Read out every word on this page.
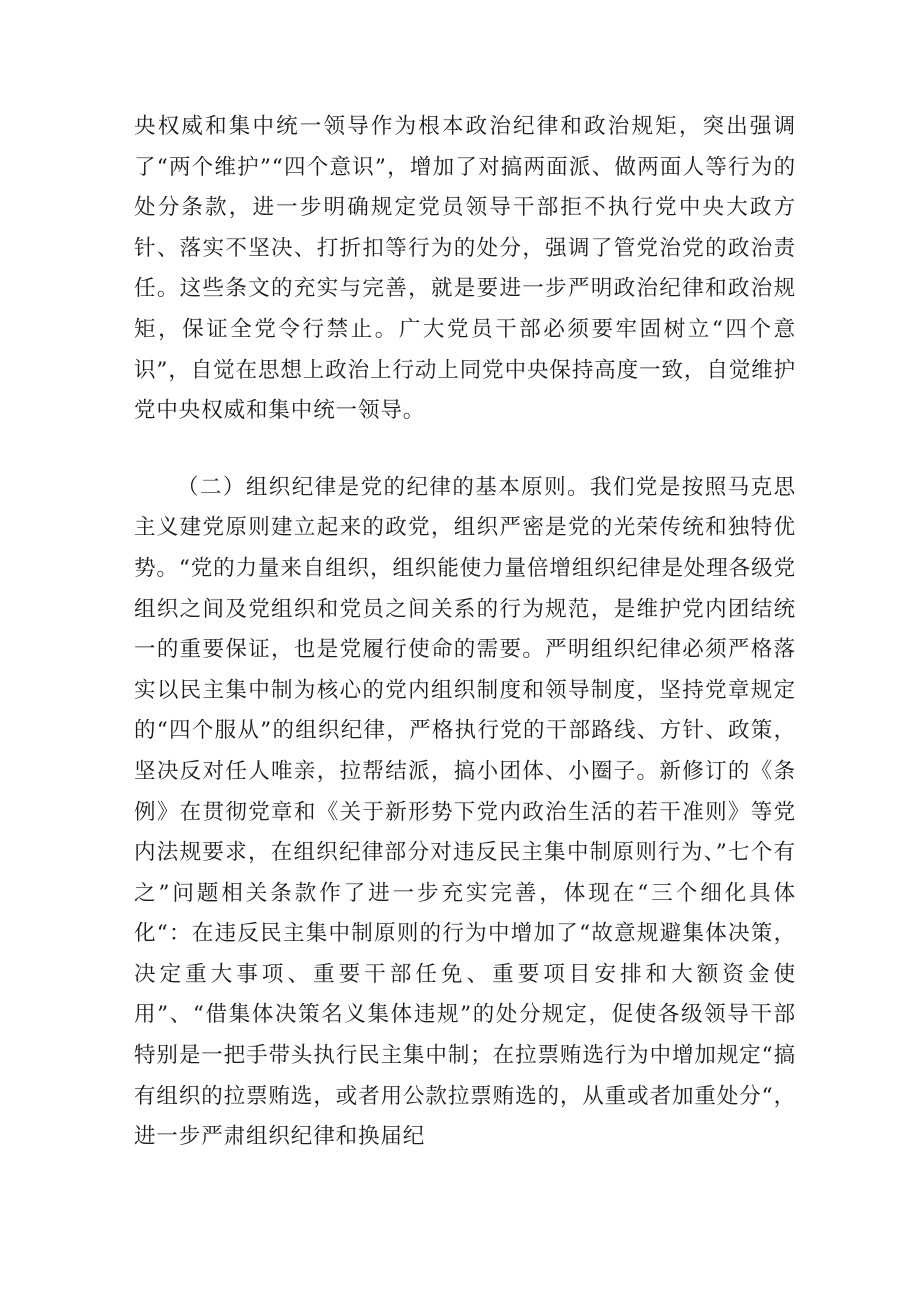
央权威和集中统一领导作为根本政治纪律和政治规矩，突出强调了“两个维护”“四个意识”，增加了对搞两面派、做两面人等行为的处分条款，进一步明确规定党员领导干部拒不执行党中央大政方针、落实不坚决、打折扣等行为的处分，强调了管党治党的政治责任。这些条文的充实与完善，就是要进一步严明政治纪律和政治规矩，保证全党令行禁止。广大党员干部必须要牢固树立“四个意识”，自觉在思想上政治上行动上同党中央保持高度一致，自觉维护党中央权威和集中统一领导。

（二）组织纪律是党的纪律的基本原则。我们党是按照马克思主义建党原则建立起来的政党，组织严密是党的光荣传统和独特优势。“党的力量来自组织，组织能使力量倍增组织纪律是处理各级党组织之间及党组织和党员之间关系的行为规范，是维护党内团结统一的重要保证，也是党履行使命的需要。严明组织纪律必须严格落实以民主集中制为核心的党内组织制度和领导制度，坚持党章规定的“四个服从”的组织纪律，严格执行党的干部路线、方针、政策，坚决反对任人唯亲，拉帮结派，搞小团体、小圈子。新修订的《条例》在贯彻党章和《关于新形势下党内政治生活的若干准则》等党内法规要求，在组织纪律部分对违反民主集中制原则行为、”七个有之”问题相关条款作了进一步充实完善，体现在“三个细化具体化“：在违反民主集中制原则的行为中增加了“故意规避集体决策，决定重大事项、重要干部任免、重要项目安排和大额资金使用”、“借集体决策名义集体违规”的处分规定，促使各级领导干部特别是一把手带头执行民主集中制；在拉票贿选行为中增加规定“搞有组织的拉票贿选，或者用公款拉票贿选的，从重或者加重处分“，进一步严肃组织纪律和换届纪
